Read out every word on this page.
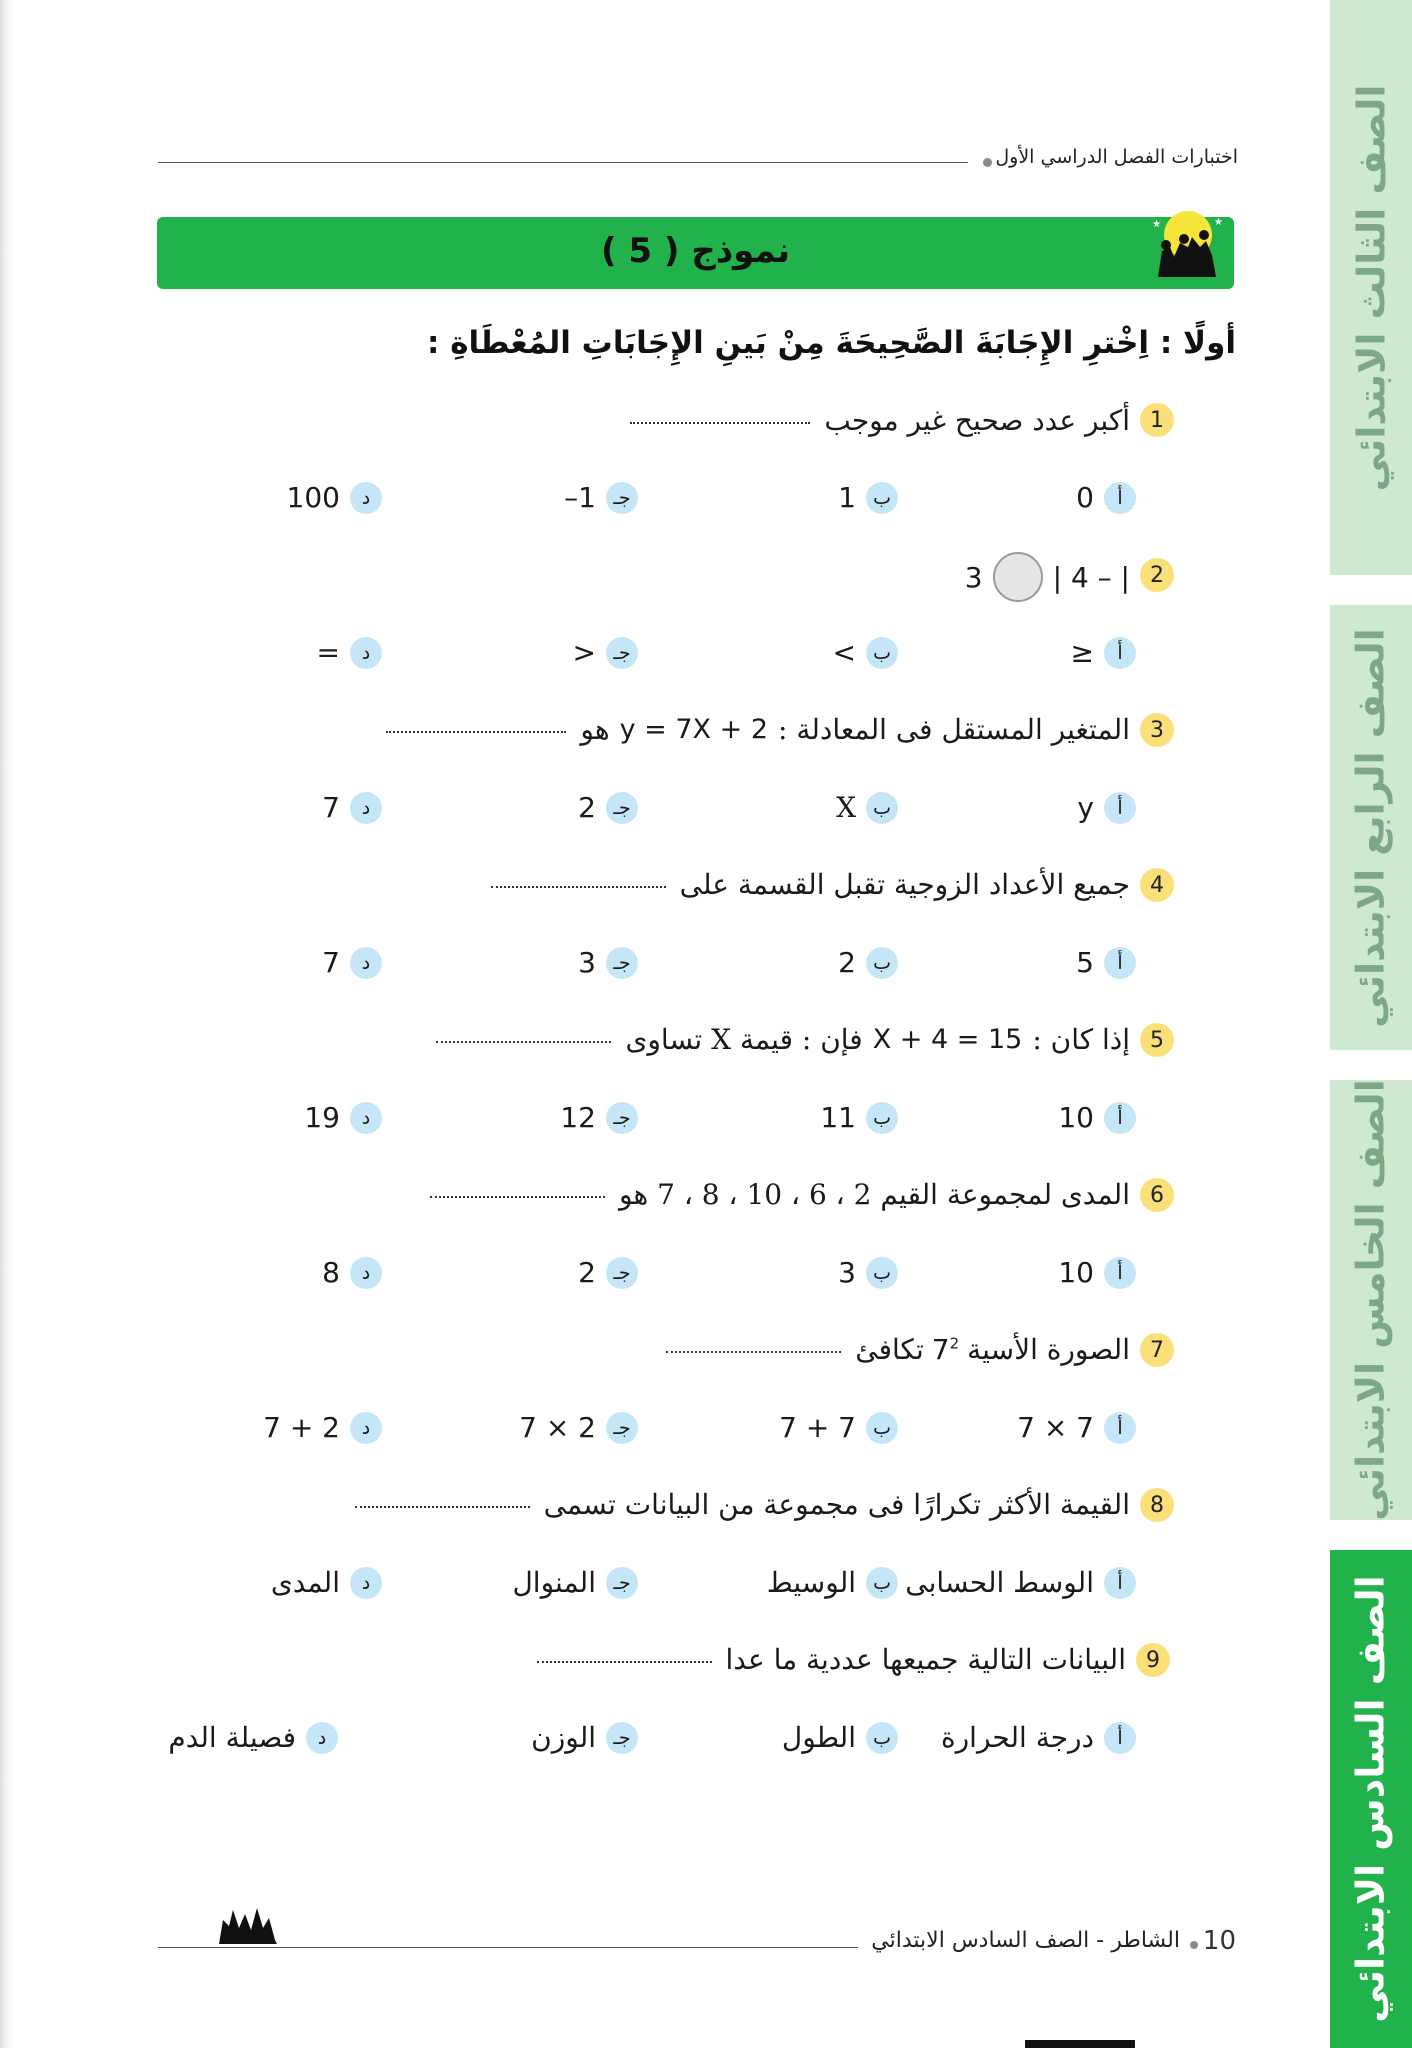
اختبارات الفصل الدراسي الأول
نموذج ( 5 )
★	★
أولًا : اِخْترِ الإِجَابَةَ الصَّحِيحَةَ مِنْ بَينِ الإِجَابَاتِ المُعْطَاةِ :
1
أكبر عدد صحيح غير موجب
أ
0
ب
1
جـ
1–
د
100
2
| 4 – |
3
أ
≥
ب
<
جـ
>
د
=
3
المتغير المستقل فى المعادلة :
y = 7X + 2
هو
أ
y
ب
X
جـ
2
د
7
4
جميع الأعداد الزوجية تقبل القسمة على
أ
5
ب
2
جـ
3
د
7
5
إذا كان :
X + 4 = 15
فإن : قيمة X تساوى
أ
10
ب
11
جـ
12
د
19
6
المدى لمجموعة القيم 2 ، 6 ، 10 ، 8 ، 7 هو
أ
10
ب
3
جـ
2
د
8
7
الصورة الأسية
$7^2$
تكافئ
أ
7 × 7
ب
7 + 7
جـ
7 × 2
د
7 + 2
8
القيمة الأكثر تكرارًا فى مجموعة من البيانات تسمى
أ
الوسط الحسابى
ب
الوسيط
جـ
المنوال
د
المدى
9
البيانات التالية جميعها عددية ما عدا
أ
درجة الحرارة
ب
الطول
جـ
الوزن
د
فصيلة الدم
الشاطر - الصف السادس الابتدائي 10
الصف الثالث الابتدائي
الصف الرابع الابتدائي
الصف الخامس الابتدائي
الصف السادس الابتدائي
